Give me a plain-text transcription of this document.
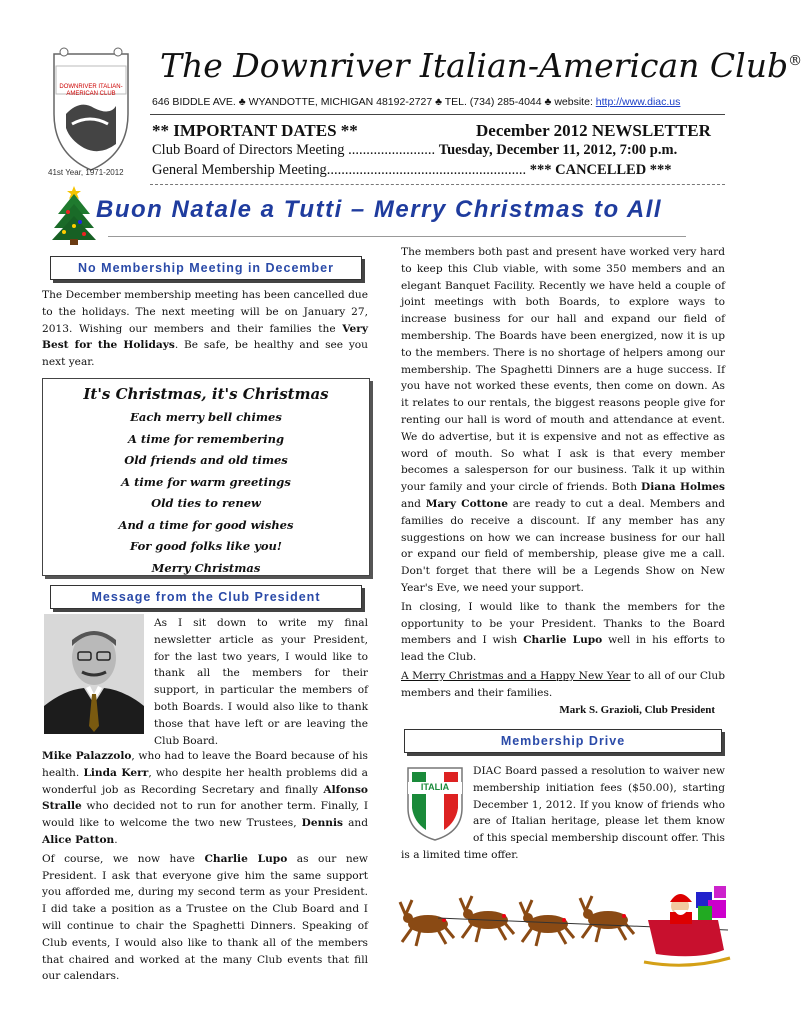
DOWNRIVER ITALIAN-AMERICAN CLUB
41st Year, 1971-2012
The Downriver Italian-American Club®
646 BIDDLE AVE. ♣ WYANDOTTE, MICHIGAN 48192-2727 ♣ TEL. (734) 285-4044 ♣ website: http://www.diac.us
** IMPORTANT DATES **	December 2012 NEWSLETTER
Club Board of Directors Meeting ........................ Tuesday, December 11, 2012, 7:00 p.m.
General Membership Meeting....................................................... *** CANCELLED ***
Buon Natale a Tutti – Merry Christmas to All
No Membership Meeting in December

The December membership meeting has been cancelled due to the holidays. The next meeting will be on January 27, 2013. Wishing our members and their families the Very Best for the Holidays. Be safe, be healthy and see you next year.

It's Christmas, it's Christmas
Each merry bell chimes
A time for remembering
Old friends and old times
A time for warm greetings
Old ties to renew
And a time for good wishes
For good folks like you!
Merry Christmas
Message from the Club President

As I sit down to write my final newsletter article as your President, for the last two years, I would like to thank all the members for their support, in particular the members of both Boards. I would also like to thank those that have left or are leaving the Club Board.

Mike Palazzolo, who had to leave the Board because of his health. Linda Kerr, who despite her health problems did a wonderful job as Recording Secretary and finally Alfonso Stralle who decided not to run for another term. Finally, I would like to welcome the two new Trustees, Dennis and Alice Patton.

Of course, we now have Charlie Lupo as our new President. I ask that everyone give him the same support you afforded me, during my second term as your President. I did take a position as a Trustee on the Club Board and I will continue to chair the Spaghetti Dinners. Speaking of Club events, I would also like to thank all of the members that chaired and worked at the many Club events that fill our calendars.

The members both past and present have worked very hard to keep this Club viable, with some 350 members and an elegant Banquet Facility. Recently we have held a couple of joint meetings with both Boards, to explore ways to increase business for our hall and expand our field of membership. The Boards have been energized, now it is up to the members. There is no shortage of helpers among our membership. The Spaghetti Dinners are a huge success. If you have not worked these events, then come on down. As it relates to our rentals, the biggest reasons people give for renting our hall is word of mouth and attendance at event. We do advertise, but it is expensive and not as effective as word of mouth. So what I ask is that every member becomes a salesperson for our business. Talk it up within your family and your circle of friends. Both Diana Holmes and Mary Cottone are ready to cut a deal. Members and families do receive a discount. If any member has any suggestions on how we can increase business for our hall or expand our field of membership, please give me a call. Don't forget that there will be a Legends Show on New Year's Eve, we need your support.

In closing, I would like to thank the members for the opportunity to be your President. Thanks to the Board members and I wish Charlie Lupo well in his efforts to lead the Club.

A Merry Christmas and a Happy New Year to all of our Club members and their families.

Mark S. Grazioli, Club President
Membership Drive
ITALIA

DIAC Board passed a resolution to waiver new membership initiation fees ($50.00), starting December 1, 2012. If you know of friends who are of Italian heritage, please let them know of this special membership discount offer. This is a limited time offer.
